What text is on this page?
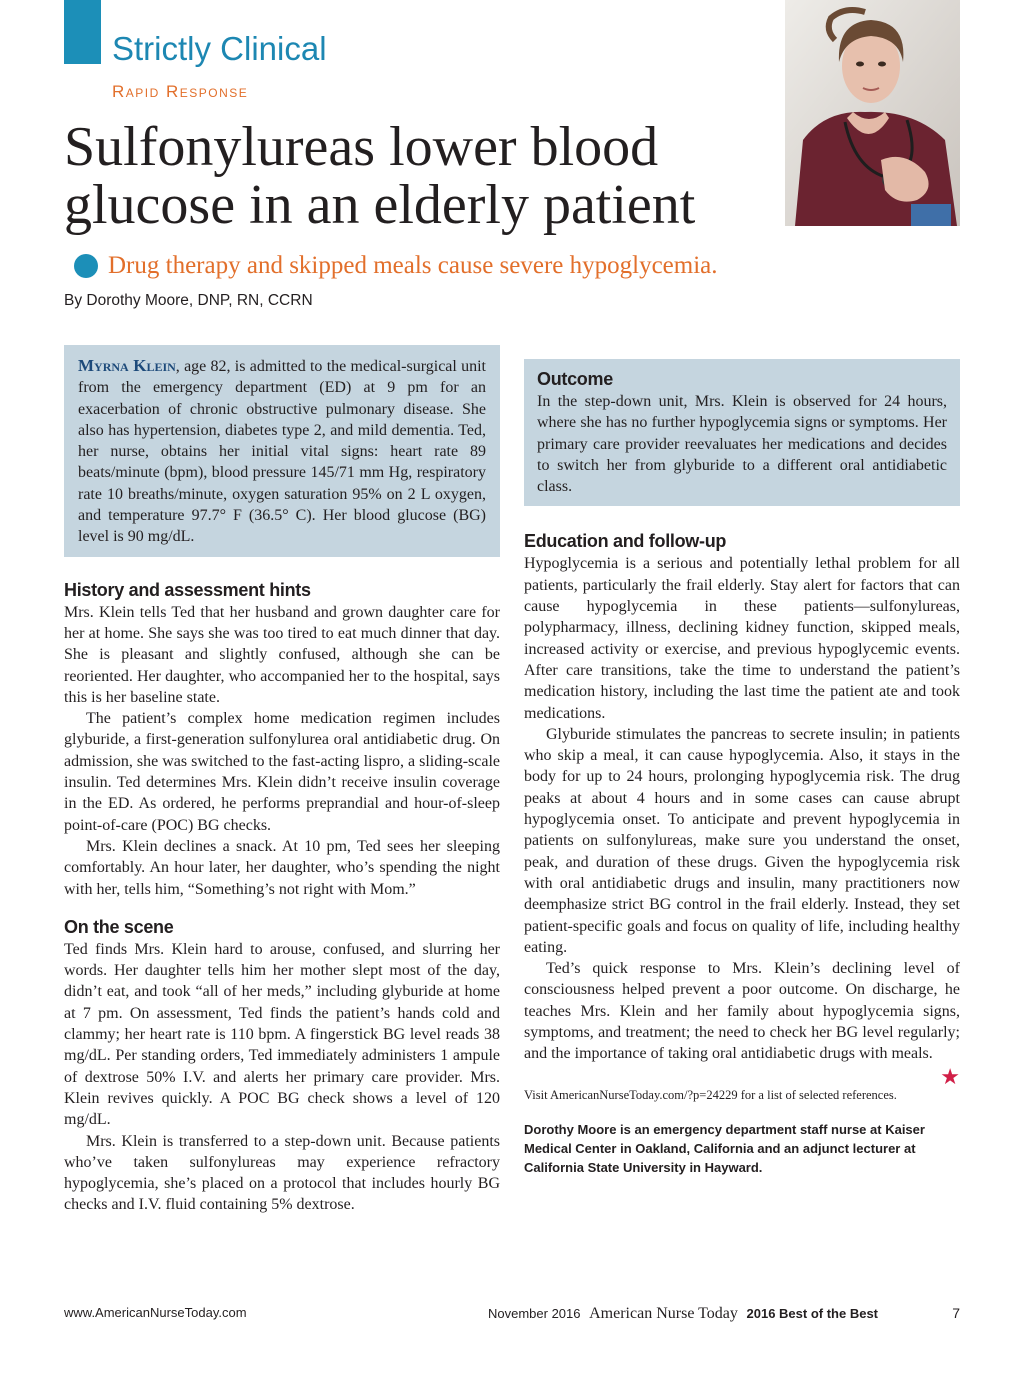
Strictly Clinical
Rapid Response
Sulfonylureas lower blood
glucose in an elderly patient
Drug therapy and skipped meals cause severe hypoglycemia.
By Dorothy Moore, DNP, RN, CCRN

Myrna Klein, age 82, is admitted to the medical-surgical unit from the emergency department (ED) at 9 pm for an exacerbation of chronic obstructive pulmonary disease. She also has hypertension, diabetes type 2, and mild dementia. Ted, her nurse, obtains her initial vital signs: heart rate 89 beats/minute (bpm), blood pressure 145/71 mm Hg, respiratory rate 10 breaths/minute, oxygen saturation 95% on 2 L oxygen, and temperature 97.7° F (36.5° C). Her blood glucose (BG) level is 90 mg/dL.

History and assessment hints

Mrs. Klein tells Ted that her husband and grown daughter care for her at home. She says she was too tired to eat much dinner that day. She is pleasant and slightly confused, although she can be reoriented. Her daughter, who accompanied her to the hospital, says this is her baseline state.

The patient’s complex home medication regimen includes glyburide, a first-generation sulfonylurea oral antidiabetic drug. On admission, she was switched to the fast-acting lispro, a sliding-scale insulin. Ted determines Mrs. Klein didn’t receive insulin coverage in the ED. As ordered, he performs preprandial and hour-of-sleep point-of-care (POC) BG checks.

Mrs. Klein declines a snack. At 10 pm, Ted sees her sleeping comfortably. An hour later, her daughter, who’s spending the night with her, tells him, “Something’s not right with Mom.”

On the scene

Ted finds Mrs. Klein hard to arouse, confused, and slurring her words. Her daughter tells him her mother slept most of the day, didn’t eat, and took “all of her meds,” including glyburide at home at 7 pm. On assessment, Ted finds the patient’s hands cold and clammy; her heart rate is 110 bpm. A fingerstick BG level reads 38 mg/dL. Per standing orders, Ted immediately administers 1 ampule of dextrose 50% I.V. and alerts her primary care provider. Mrs. Klein revives quickly. A POC BG check shows a level of 120 mg/dL.

Mrs. Klein is transferred to a step-down unit. Because patients who’ve taken sulfonylureas may experience refractory hypoglycemia, she’s placed on a protocol that includes hourly BG checks and I.V. fluid containing 5% dextrose.

Outcome

In the step-down unit, Mrs. Klein is observed for 24 hours, where she has no further hypoglycemia signs or symptoms. Her primary care provider reevaluates her medications and decides to switch her from glyburide to a different oral antidiabetic class.

Education and follow-up

Hypoglycemia is a serious and potentially lethal problem for all patients, particularly the frail elderly. Stay alert for factors that can cause hypoglycemia in these patients—sulfonylureas, polypharmacy, illness, declining kidney function, skipped meals, increased activity or exercise, and previous hypoglycemic events. After care transitions, take the time to understand the patient’s medication history, including the last time the patient ate and took medications.

Glyburide stimulates the pancreas to secrete insulin; in patients who skip a meal, it can cause hypoglycemia. Also, it stays in the body for up to 24 hours, prolonging hypoglycemia risk. The drug peaks at about 4 hours and in some cases can cause abrupt hypoglycemia onset. To anticipate and prevent hypoglycemia in patients on sulfonylureas, make sure you understand the onset, peak, and duration of these drugs. Given the hypoglycemia risk with oral antidiabetic drugs and insulin, many practitioners now deemphasize strict BG control in the frail elderly. Instead, they set patient-specific goals and focus on quality of life, including healthy eating.

Ted’s quick response to Mrs. Klein’s declining level of consciousness helped prevent a poor outcome. On discharge, he teaches Mrs. Klein and her family about hypoglycemia signs, symptoms, and treatment; the need to check her BG level regularly; and the importance of taking oral antidiabetic drugs with meals.
★

Visit AmericanNurseToday.com/?p=24229 for a list of selected references.

Dorothy Moore is an emergency department staff nurse at Kaiser Medical Center in Oakland, California and an adjunct lecturer at California State University in Hayward.

www.AmericanNurseToday.com	November 2016 American Nurse Today 2016 Best of the Best	7
